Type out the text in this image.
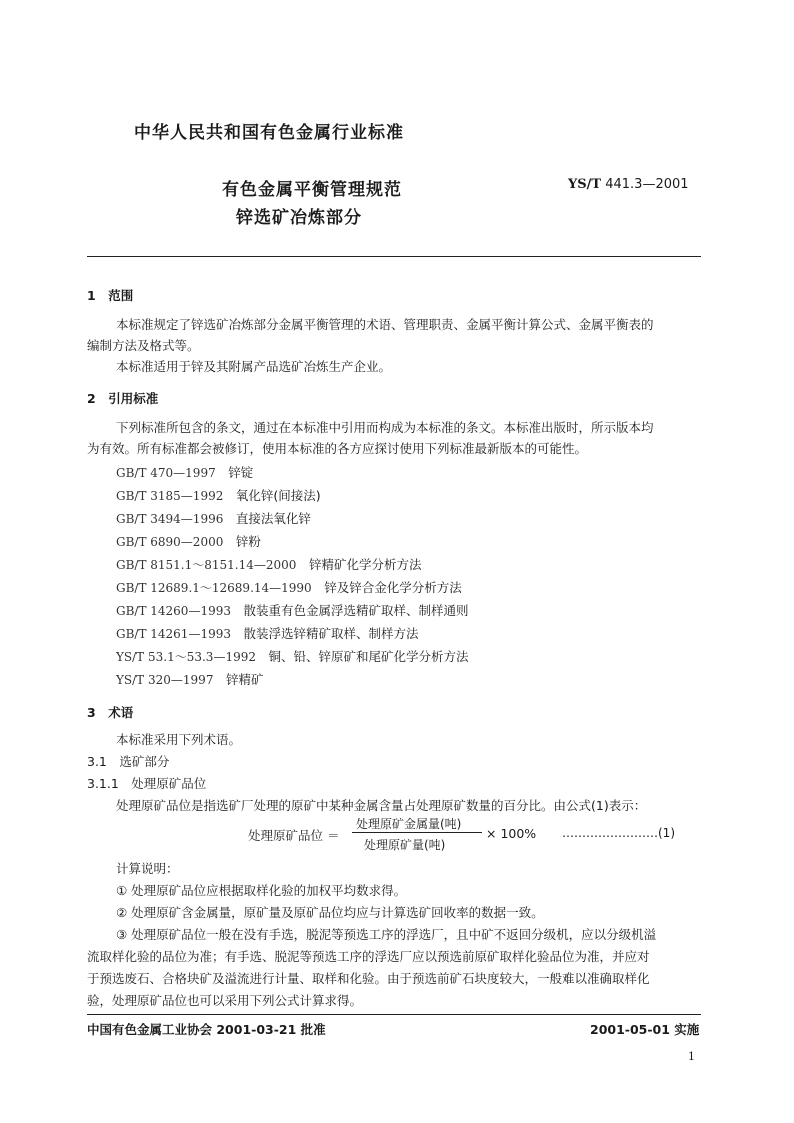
中华人民共和国有色金属行业标准
有色金属平衡管理规范
锌选矿冶炼部分
YS/T 441.3—2001
1　范围
本标准规定了锌选矿冶炼部分金属平衡管理的术语、管理职责、金属平衡计算公式、金属平衡表的
编制方法及格式等。
本标准适用于锌及其附属产品选矿冶炼生产企业。
2　引用标准
下列标准所包含的条文，通过在本标准中引用而构成为本标准的条文。本标准出版时，所示版本均
为有效。所有标准都会被修订，使用本标准的各方应探讨使用下列标准最新版本的可能性。
GB/T 470—1997　 锌锭
GB/T 3185—1992　 氧化锌(间接法)
GB/T 3494—1996　 直接法氧化锌
GB/T 6890—2000　 锌粉
GB/T 8151.1～8151.14—2000　 锌精矿化学分析方法
GB/T 12689.1～12689.14—1990　 锌及锌合金化学分析方法
GB/T 14260—1993　 散装重有色金属浮选精矿取样、制样通则
GB/T 14261—1993　 散装浮选锌精矿取样、制样方法
YS/T 53.1～53.3—1992　 铜、铅、锌原矿和尾矿化学分析方法
YS/T 320—1997　 锌精矿
3　术语
本标准采用下列术语。
3.1　选矿部分
3.1.1　处理原矿品位
处理原矿品位是指选矿厂处理的原矿中某种金属含量占处理原矿数量的百分比。由公式(1)表示：
处理原矿品位 ＝
处理原矿金属量(吨)
处理原矿量(吨)
× 100% ……………………(1)
计算说明：
① 处理原矿品位应根据取样化验的加权平均数求得。
② 处理原矿含金属量，原矿量及原矿品位均应与计算选矿回收率的数据一致。
③ 处理原矿品位一般在没有手选，脱泥等预选工序的浮选厂，且中矿不返回分级机，应以分级机溢
流取样化验的品位为准；有手选、脱泥等预选工序的浮选厂应以预选前原矿取样化验品位为准，并应对
于预选废石、合格块矿及溢流进行计量、取样和化验。由于预选前矿石块度较大，一般难以准确取样化
验，处理原矿品位也可以采用下列公式计算求得。
中国有色金属工业协会 2001-03-21 批准	2001-05-01 实施
1
